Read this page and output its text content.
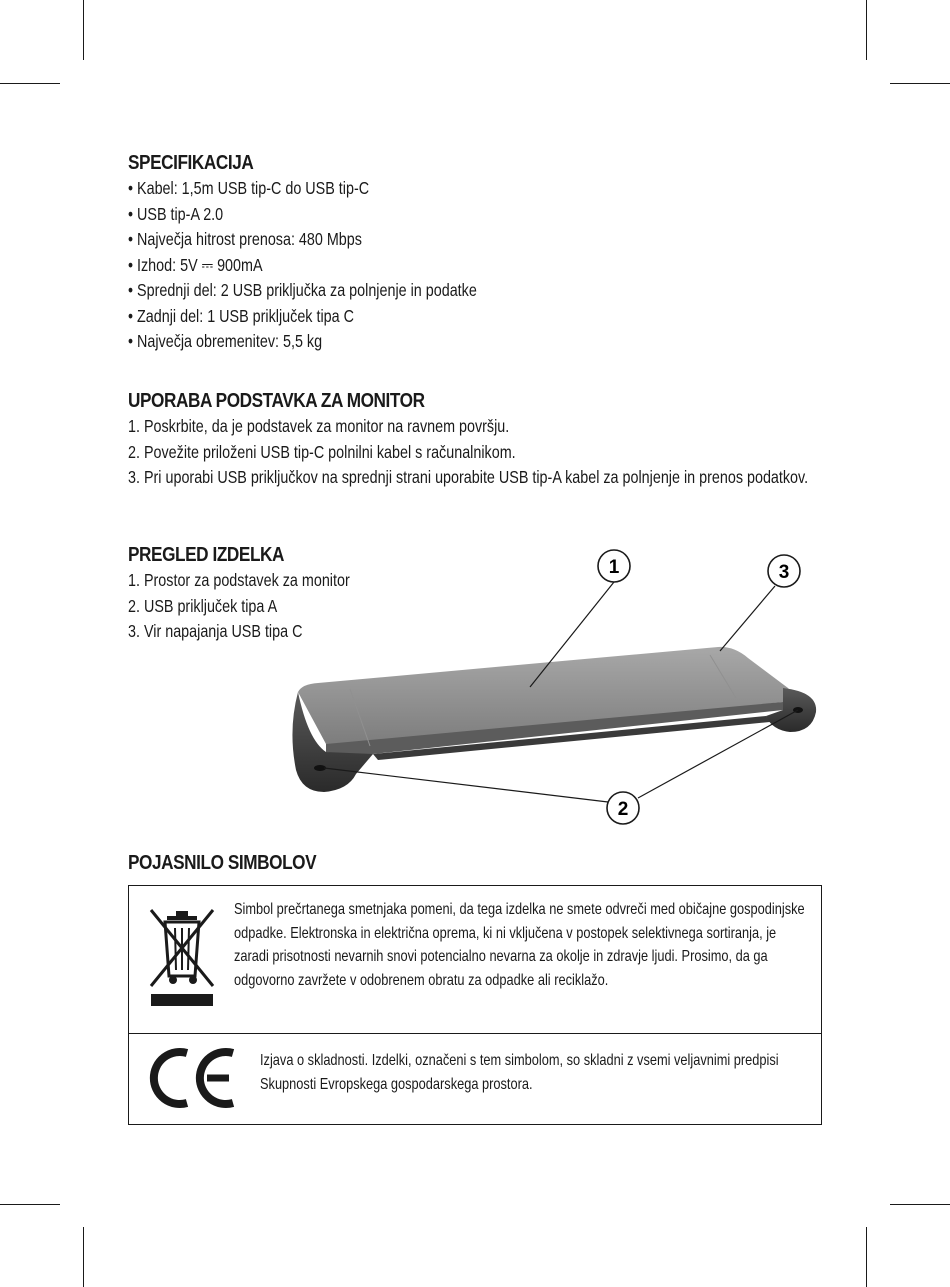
SPECIFIKACIJA
• Kabel: 1,5m USB tip-C do USB tip-C
• USB tip-A 2.0
• Največja hitrost prenosa: 480 Mbps
• Izhod: 5V ⎓ 900mA
• Sprednji del: 2 USB priključka za polnjenje in podatke
• Zadnji del: 1 USB priključek tipa C
• Največja obremenitev: 5,5 kg
UPORABA PODSTAVKA ZA MONITOR
1. Poskrbite, da je podstavek za monitor na ravnem površju.
2. Povežite priloženi USB tip-C polnilni kabel s računalnikom.
3. Pri uporabi USB priključkov na sprednji strani uporabite USB tip-A kabel za polnjenje in prenos podatkov.
PREGLED IZDELKA
1. Prostor za podstavek za monitor
2. USB priključek tipa A
3. Vir napajanja USB tipa C
POJASNILO SIMBOLOV
1	3
2
Simbol prečrtanega smetnjaka pomeni, da tega izdelka ne smete odvreči med običajne gospodinjske odpadke. Elektronska in električna oprema, ki ni vključena v postopek selektivnega sortiranja, je zaradi prisotnosti nevarnih snovi potencialno nevarna za okolje in zdravje ljudi. Prosimo, da ga odgovorno zavržete v odobrenem obratu za odpadke ali reciklažo.
Izjava o skladnosti. Izdelki, označeni s tem simbolom, so skladni z vsemi veljavnimi predpisi Skupnosti Evropskega gospodarskega prostora.
